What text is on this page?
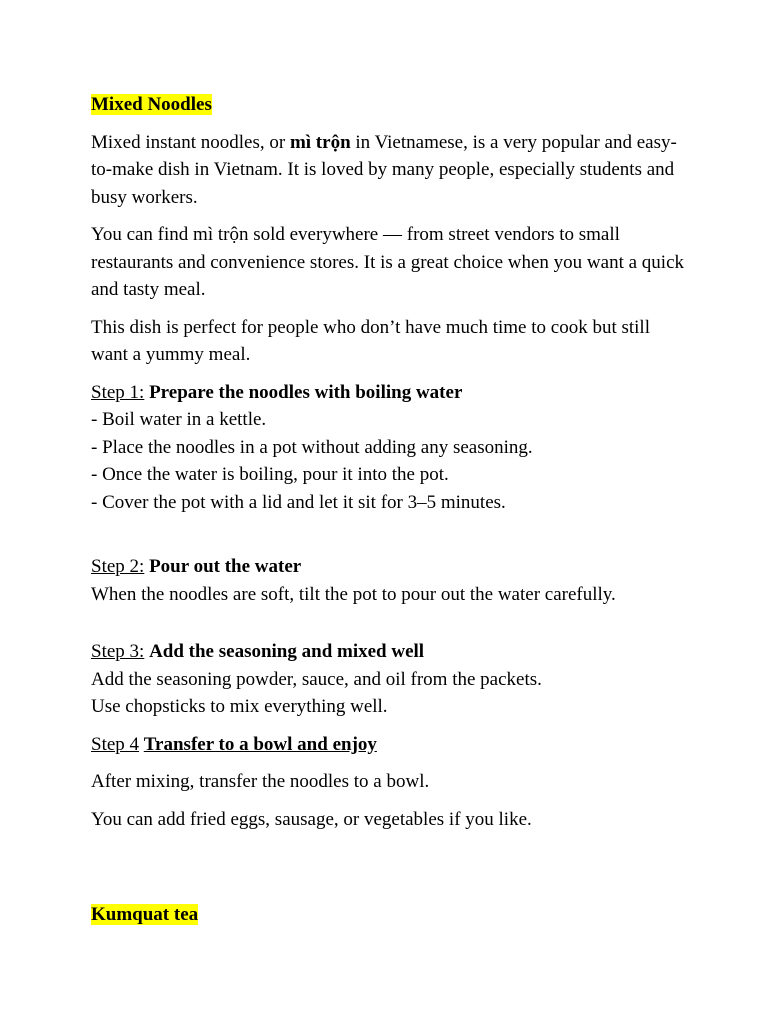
Mixed Noodles

Mixed instant noodles, or mì trộn in Vietnamese, is a very popular and easy-to-make dish in Vietnam. It is loved by many people, especially students and busy workers.

You can find mì trộn sold everywhere — from street vendors to small restaurants and convenience stores. It is a great choice when you want a quick and tasty meal.

This dish is perfect for people who don’t have much time to cook but still want a yummy meal.

Step 1: Prepare the noodles with boiling water
- Boil water in a kettle.
- Place the noodles in a pot without adding any seasoning.
- Once the water is boiling, pour it into the pot.
- Cover the pot with a lid and let it sit for 3–5 minutes.
Step 2: Pour out the water
When the noodles are soft, tilt the pot to pour out the water carefully.
Step 3: Add the seasoning and mixed well
Add the seasoning powder, sauce, and oil from the packets.
Use chopsticks to mix everything well.

Step 4 Transfer to a bowl and enjoy

After mixing, transfer the noodles to a bowl.

You can add fried eggs, sausage, or vegetables if you like.

Kumquat tea
